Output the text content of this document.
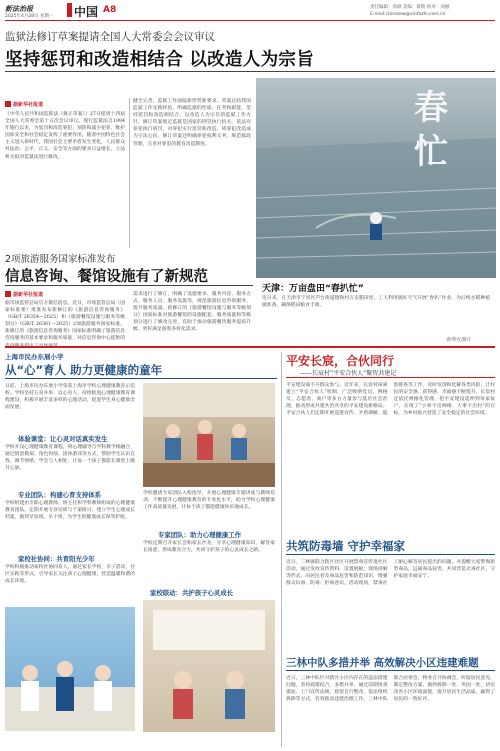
新法治报
2025年4月28日 星期一 中国 A8	责任编辑：俞鼎 美编：蔡蔚 校对：刘丽
E-mail:chinalaw@xinfazhi.com.cn
监狱法修订草案提请全国人大常委会会议审议
坚持惩罚和改造相结合 以改造人为宗旨
据新华社报道
《中华人民共和国监狱法（修正草案）》27日提请十四届全国人大常委会第十五次会议审议。现行监狱法自1994年施行以来，为惩罚和改造罪犯、预防和减少犯罪、维护国家安全和社会稳定发挥了重要作用。随着中国特色社会主义进入新时代，我国社会主要矛盾发生变化，人民群众对法治、公平、正义、安全等方面的要求日益增长，立法机关拟对监狱法进行修改。
健全完善，监狱工作面临新形势新要求。草案总结我国监狱工作实践经验，明确监狱的性质、任务和职能，坚持惩罚和改造相结合、以改造人为宗旨的监狱工作方针。修订草案规定监狱是国家的刑罚执行机关，依法对罪犯执行刑罚，对罪犯实行惩罚和改造，将罪犯改造成为守法公民。修订草案还明确罪犯权利义务，规范狱政管理，完善对罪犯的教育改造制度。
春忙
天津：万亩盘田“春扒忙”
连日来，在天津市宁河区芦台街道德和村万亩稻田里，工人利用搞好天气开展“春扒”作业，为后续水稻种植做准备，确保稻田粮食丰收。
新华社图片
2项旅游服务国家标准发布
信息咨询、餐馆设施有了新规范
据新华社报道
据市场监管总局官方微信消息，近日，市场监管总局（国家标准委）批准发布新修订的《旅游信息咨询服务》（GB/T 26354—2025）和《旅游餐馆设施与服务等级划分》（GB/T 26361—2025）2项旅游服务国家标准。新修订的《旅游信息咨询服务》国家标准明确了旅游信息咨询服务的基本要求和服务质量，对信息咨询中心提供的
需求进行了修订，明确了设施要求、服务内容、服务方式、服务人员、服务设施等，规范旅游信息咨询服务，提升服务质量。新修订的《旅游餐馆设施与服务等级划分》国家标准对旅游餐馆的设施配套、服务质量和等级划分进行了修改完善，有助于推动旅游餐饮服务提质升级，更好满足游客多样化需求。
上海市民办东展小学
从“心”育人 助力更健康的童年
日前，上海市民办东展小学荣获上海市学校心理健康教育示范校。学校坚持五育并举，以心育人，持续推进心理健康教育课程建设，积极开展丰富多样的心理活动，促进学生身心健康全面发展。
体验课堂：让心灵对话真实发生
学校开设心理健康教育课程，将心理辅导与学科教学相融合，通过情景模拟、角色扮演、团体游戏等方式，帮助学生认识自我、调节情绪、学会与人相处，让每一个孩子都能在课堂上敞开心扉。
专业团队：构建心育支持体系
学校组建由专职心理教师、班主任和学科教师组成的心理健康教育团队，定期开展专业培训与个案研讨，建立学生心理成长档案，做到早发现、早干预，为学生的健康成长保驾护航。
家校社协同：共育阳光少年
学校积极推动家校社协同育人，通过家长学校、亲子活动、社区实践等形式，引导家长关注孩子心理健康，营造温暖和谐的成长环境。
专家团队：助力心理健康工作
学校邀请专家团队入校指导，开展心理健康专题讲座与教师培训，不断提升心理健康教育的专业化水平，助力学校心理健康工作高质量发展，让每个孩子都能健康快乐地成长。
学校定期召开家长会和家长沙龙，分享心理健康知识，解答家长困惑，形成教育合力，共同守护孩子的心灵成长之路。
家校联动：共护孩子心灵成长
平安长宸，合伙同行
——长宸村“平安合伙人”聚智共建记
平安建设离不开群众参与。近年来，长宸村探索建立“平安合伙人”机制，广泛吸纳党员、网格员、志愿者、商户等多方力量参与基层社会治理，推动形成共建共治共享的平安建设新格局。平安合伙人们定期开展巡逻宣传、矛盾调解、隐患排查等工作，及时发现和化解各类风险，让村民的安全感、获得感、幸福感不断提升。长宸村还依托网格化管理，把平安建设延伸到每家每户，实现了“小事不出网格、大事不出村”的目标，为乡村振兴营造了安全稳定的社会环境。
共筑防毒墙 守护幸福家
近日，三林镇联合辖区社区开展禁毒宣传进社区活动，通过发放宣传资料、设置展板、现场讲解等形式，向居民普及毒品危害和防范知识，增强群众识毒、防毒、拒毒意识。活动现场，禁毒社工耐心解答居民提出的问题，并提醒大家警惕新型毒品，远离毒品侵害，共同营造无毒社区，守护家庭幸福安宁。
三林中队多措并举 高效解决小区违建难题
近日，三林中队针对辖区小区内存在的违法搭建问题，坚持疏堵结合、多措并举，通过前期排查摸底、上门宣传法规、督促自行整改、依法组织拆除等方式，有效推动违建治理工作。三林中队联合居委会、物业召开协调会，听取居民意见，制定整改方案，做到拆除一处、巩固一处，切实改善小区环境面貌，提升居民生活品质，赢得了居民的一致好评。
